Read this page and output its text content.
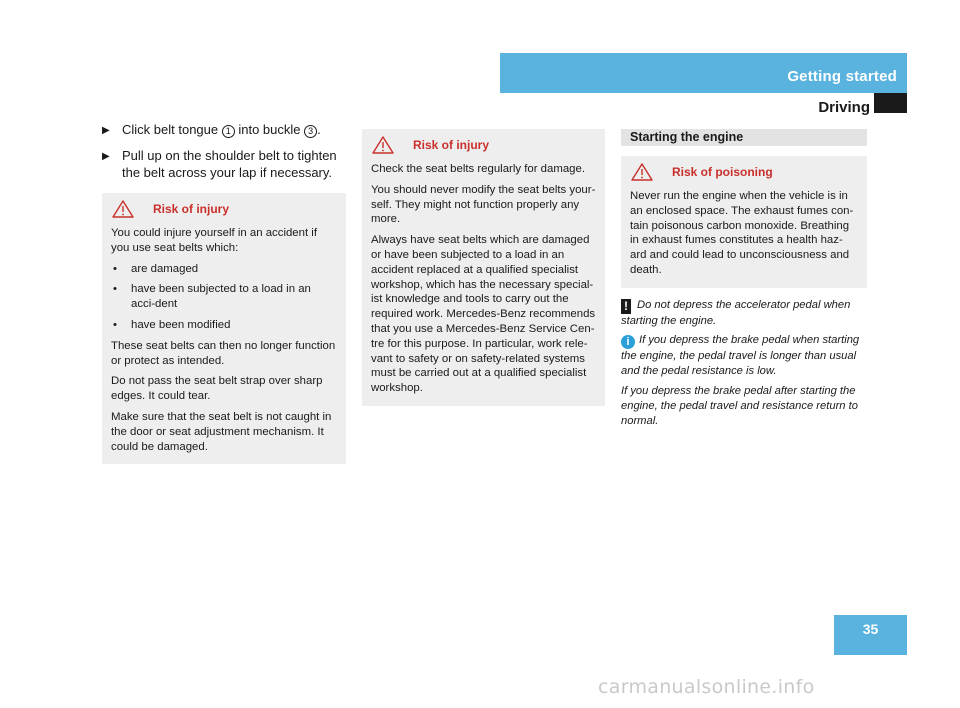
Getting started
Driving
▶ Click belt tongue 1 into buckle 3 .
▶ Pull up on the shoulder belt to tighten the belt across your lap if necessary.
Risk of injury

You could injure yourself in an accident if you use seat belts which:

•	are damaged
•	have been subjected to a load in an acci-dent
•	have been modified

These seat belts can then no longer function or protect as intended.

Do not pass the seat belt strap over sharp edges. It could tear.

Make sure that the seat belt is not caught in the door or seat adjustment mechanism. It could be damaged.

Risk of injury

Check the seat belts regularly for damage.

You should never modify the seat belts your-self. They might not function properly any more.

Always have seat belts which are damaged or have been subjected to a load in an accident replaced at a qualified specialist workshop, which has the necessary special-ist knowledge and tools to carry out the required work. Mercedes-Benz recommends that you use a Mercedes-Benz Service Cen-tre for this purpose. In particular, work rele-vant to safety or on safety-related systems must be carried out at a qualified specialist workshop.

Starting the engine
Risk of poisoning

Never run the engine when the vehicle is in an enclosed space. The exhaust fumes con-tain poisonous carbon monoxide. Breathing in exhaust fumes constitutes a health haz-ard and could lead to unconsciousness and death.

! Do not depress the accelerator pedal when starting the engine.
i If you depress the brake pedal when starting the engine, the pedal travel is longer than usual and the pedal resistance is low.
If you depress the brake pedal after starting the engine, the pedal travel and resistance return to normal.
35
carmanualsonline.info
